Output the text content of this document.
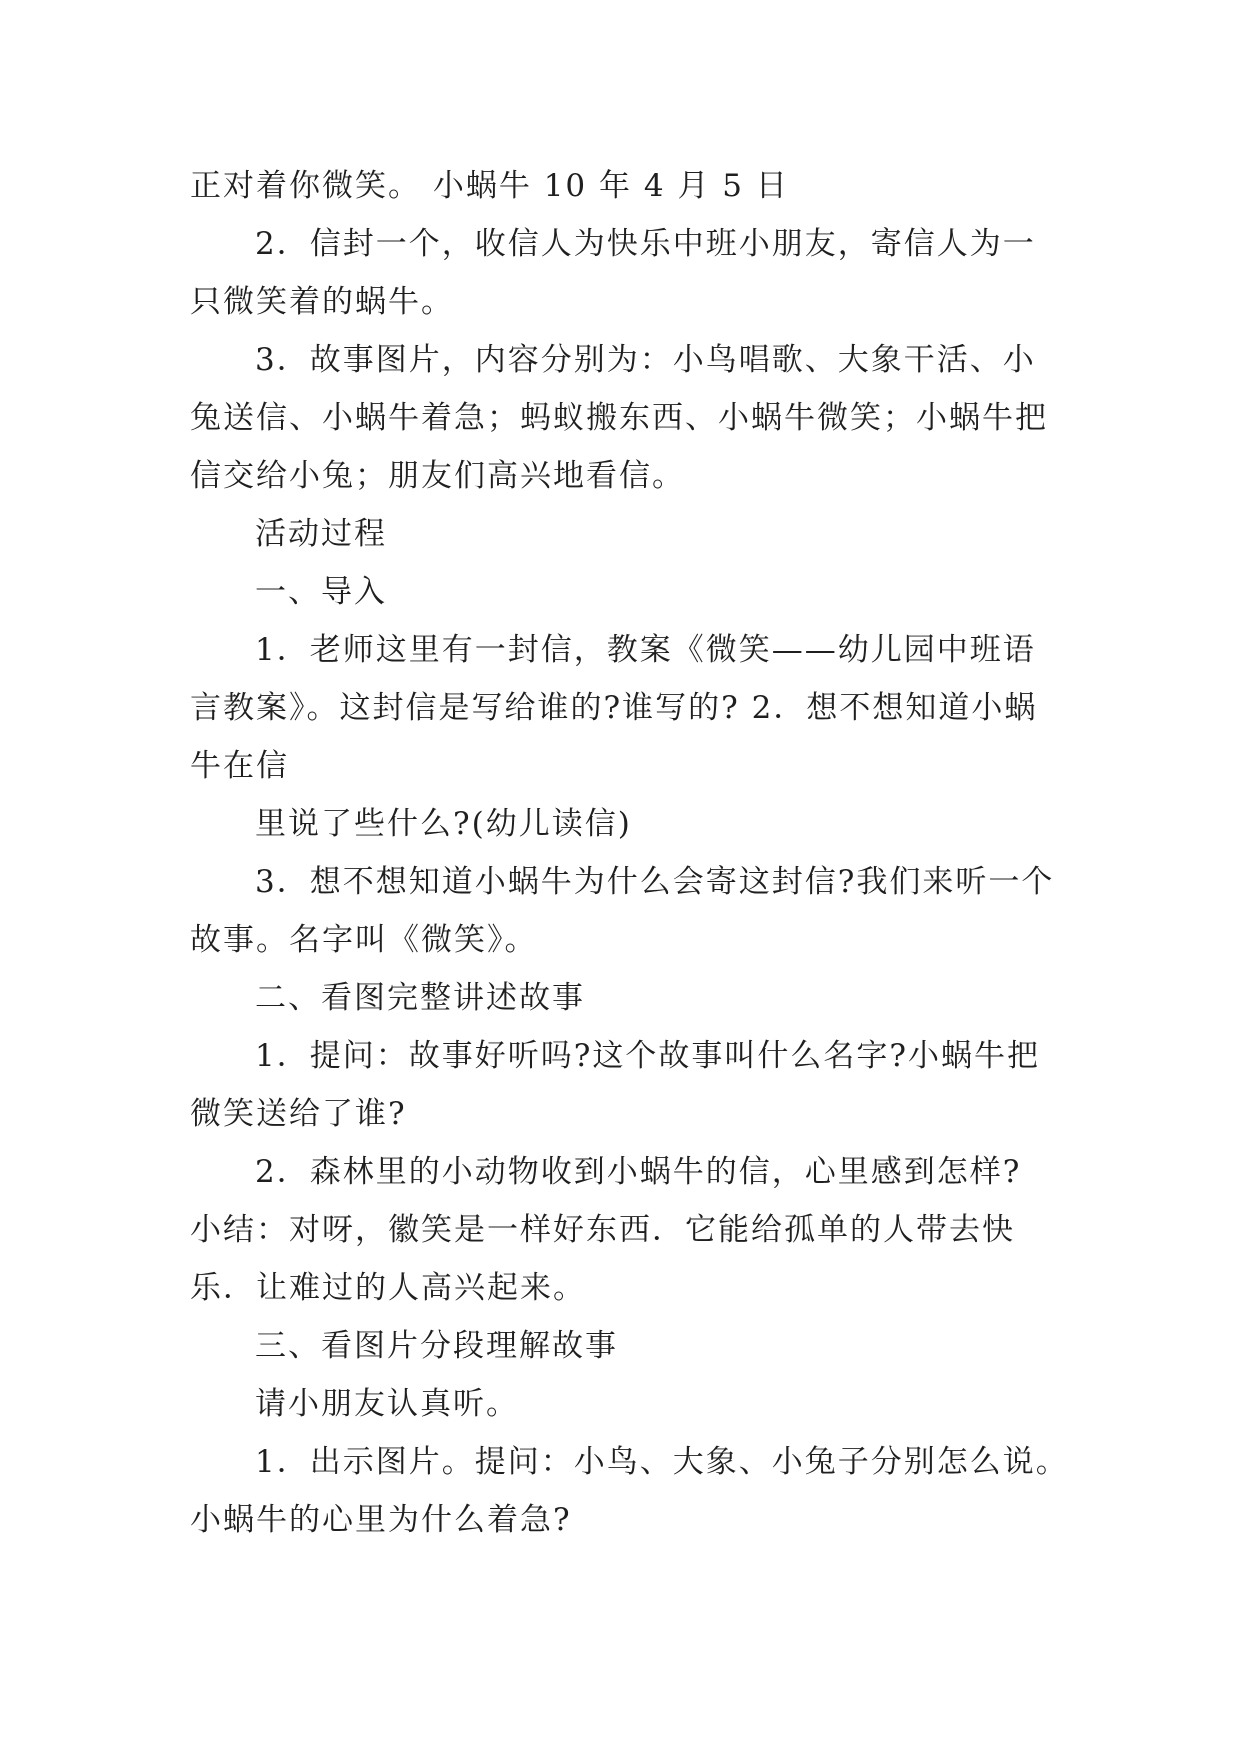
正对着你微笑。 小蜗牛 10 年 4 月 5 日
2．信封一个，收信人为快乐中班小朋友，寄信人为一
只微笑着的蜗牛。
3．故事图片，内容分别为：小鸟唱歌、大象干活、小
兔送信、小蜗牛着急；蚂蚁搬东西、小蜗牛微笑；小蜗牛把
信交给小兔；朋友们高兴地看信。
活动过程
一、导入
1．老师这里有一封信，教案《微笑——幼儿园中班语
言教案》。这封信是写给谁的?谁写的? 2．想不想知道小蜗
牛在信
里说了些什么?(幼儿读信)
3．想不想知道小蜗牛为什么会寄这封信?我们来听一个
故事。名字叫《微笑》。
二、看图完整讲述故事
1．提问：故事好听吗?这个故事叫什么名字?小蜗牛把
微笑送给了谁?
2．森林里的小动物收到小蜗牛的信，心里感到怎样?
小结：对呀，徽笑是一样好东西．它能给孤单的人带去快
乐．让难过的人高兴起来。
三、看图片分段理解故事
请小朋友认真听。
1．出示图片。提问：小鸟、大象、小兔子分别怎么说。
小蜗牛的心里为什么着急?
